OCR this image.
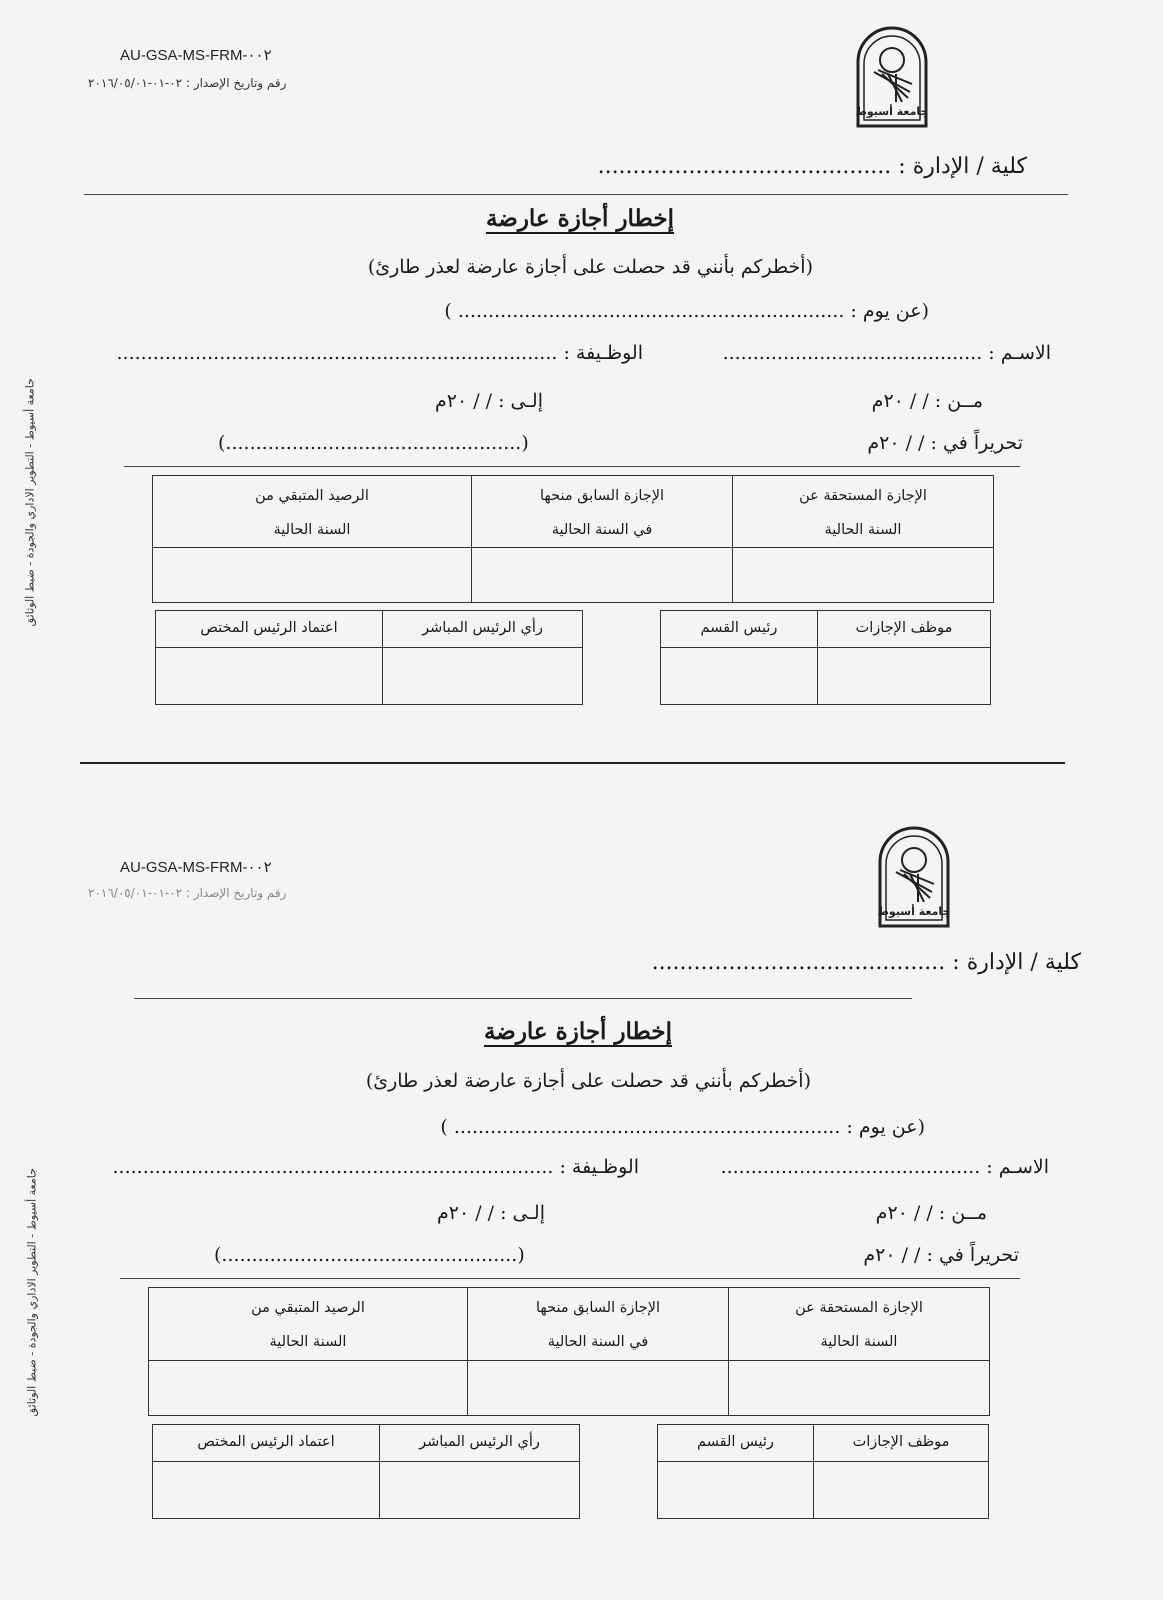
AU-GSA-MS-FRM-٠٠٢
رقم وتاريخ الإصدار : ٠٢-٠١-٢٠١٦/٠٥/٠١
جامعة أسيوط
جامعة أسيوط - التطوير الاداري والجودة - ضبط الوثائق
كلية / الإدارة : ..........................................
إخطار أجازة عارضة
(أخطركم بأنني قد حصلت على أجازة عارضة لعذر طارئ)
(عن يوم : ................................................................ )
الاسـم : ...........................................
الوظـيفة : .........................................................................
مــن : / / ٢٠م
إلـى : / / ٢٠م
تحريراً في : / / ٢٠م
(.................................................)
الإجازة المستحقة عن
السنة الحالية
الإجازة السابق منحها
في السنة الحالية
الرصيد المتبقي من
السنة الحالية
موظف الإجازات
رئيس القسم
رأي الرئيس المباشر
اعتماد الرئيس المختص
AU-GSA-MS-FRM-٠٠٢
رقم وتاريخ الإصدار : ٠٢-٠١-٢٠١٦/٠٥/٠١
جامعة أسيوط
جامعة أسيوط - التطوير الاداري والجودة - ضبط الوثائق
كلية / الإدارة : ..........................................
إخطار أجازة عارضة
(أخطركم بأنني قد حصلت على أجازة عارضة لعذر طارئ)
(عن يوم : ................................................................ )
الاسـم : ...........................................
الوظـيفة : .........................................................................
مــن : / / ٢٠م
إلـى : / / ٢٠م
تحريراً في : / / ٢٠م
(.................................................)
الإجازة المستحقة عن
السنة الحالية
الإجازة السابق منحها
في السنة الحالية
الرصيد المتبقي من
السنة الحالية
موظف الإجازات
رئيس القسم
رأي الرئيس المباشر
اعتماد الرئيس المختص
